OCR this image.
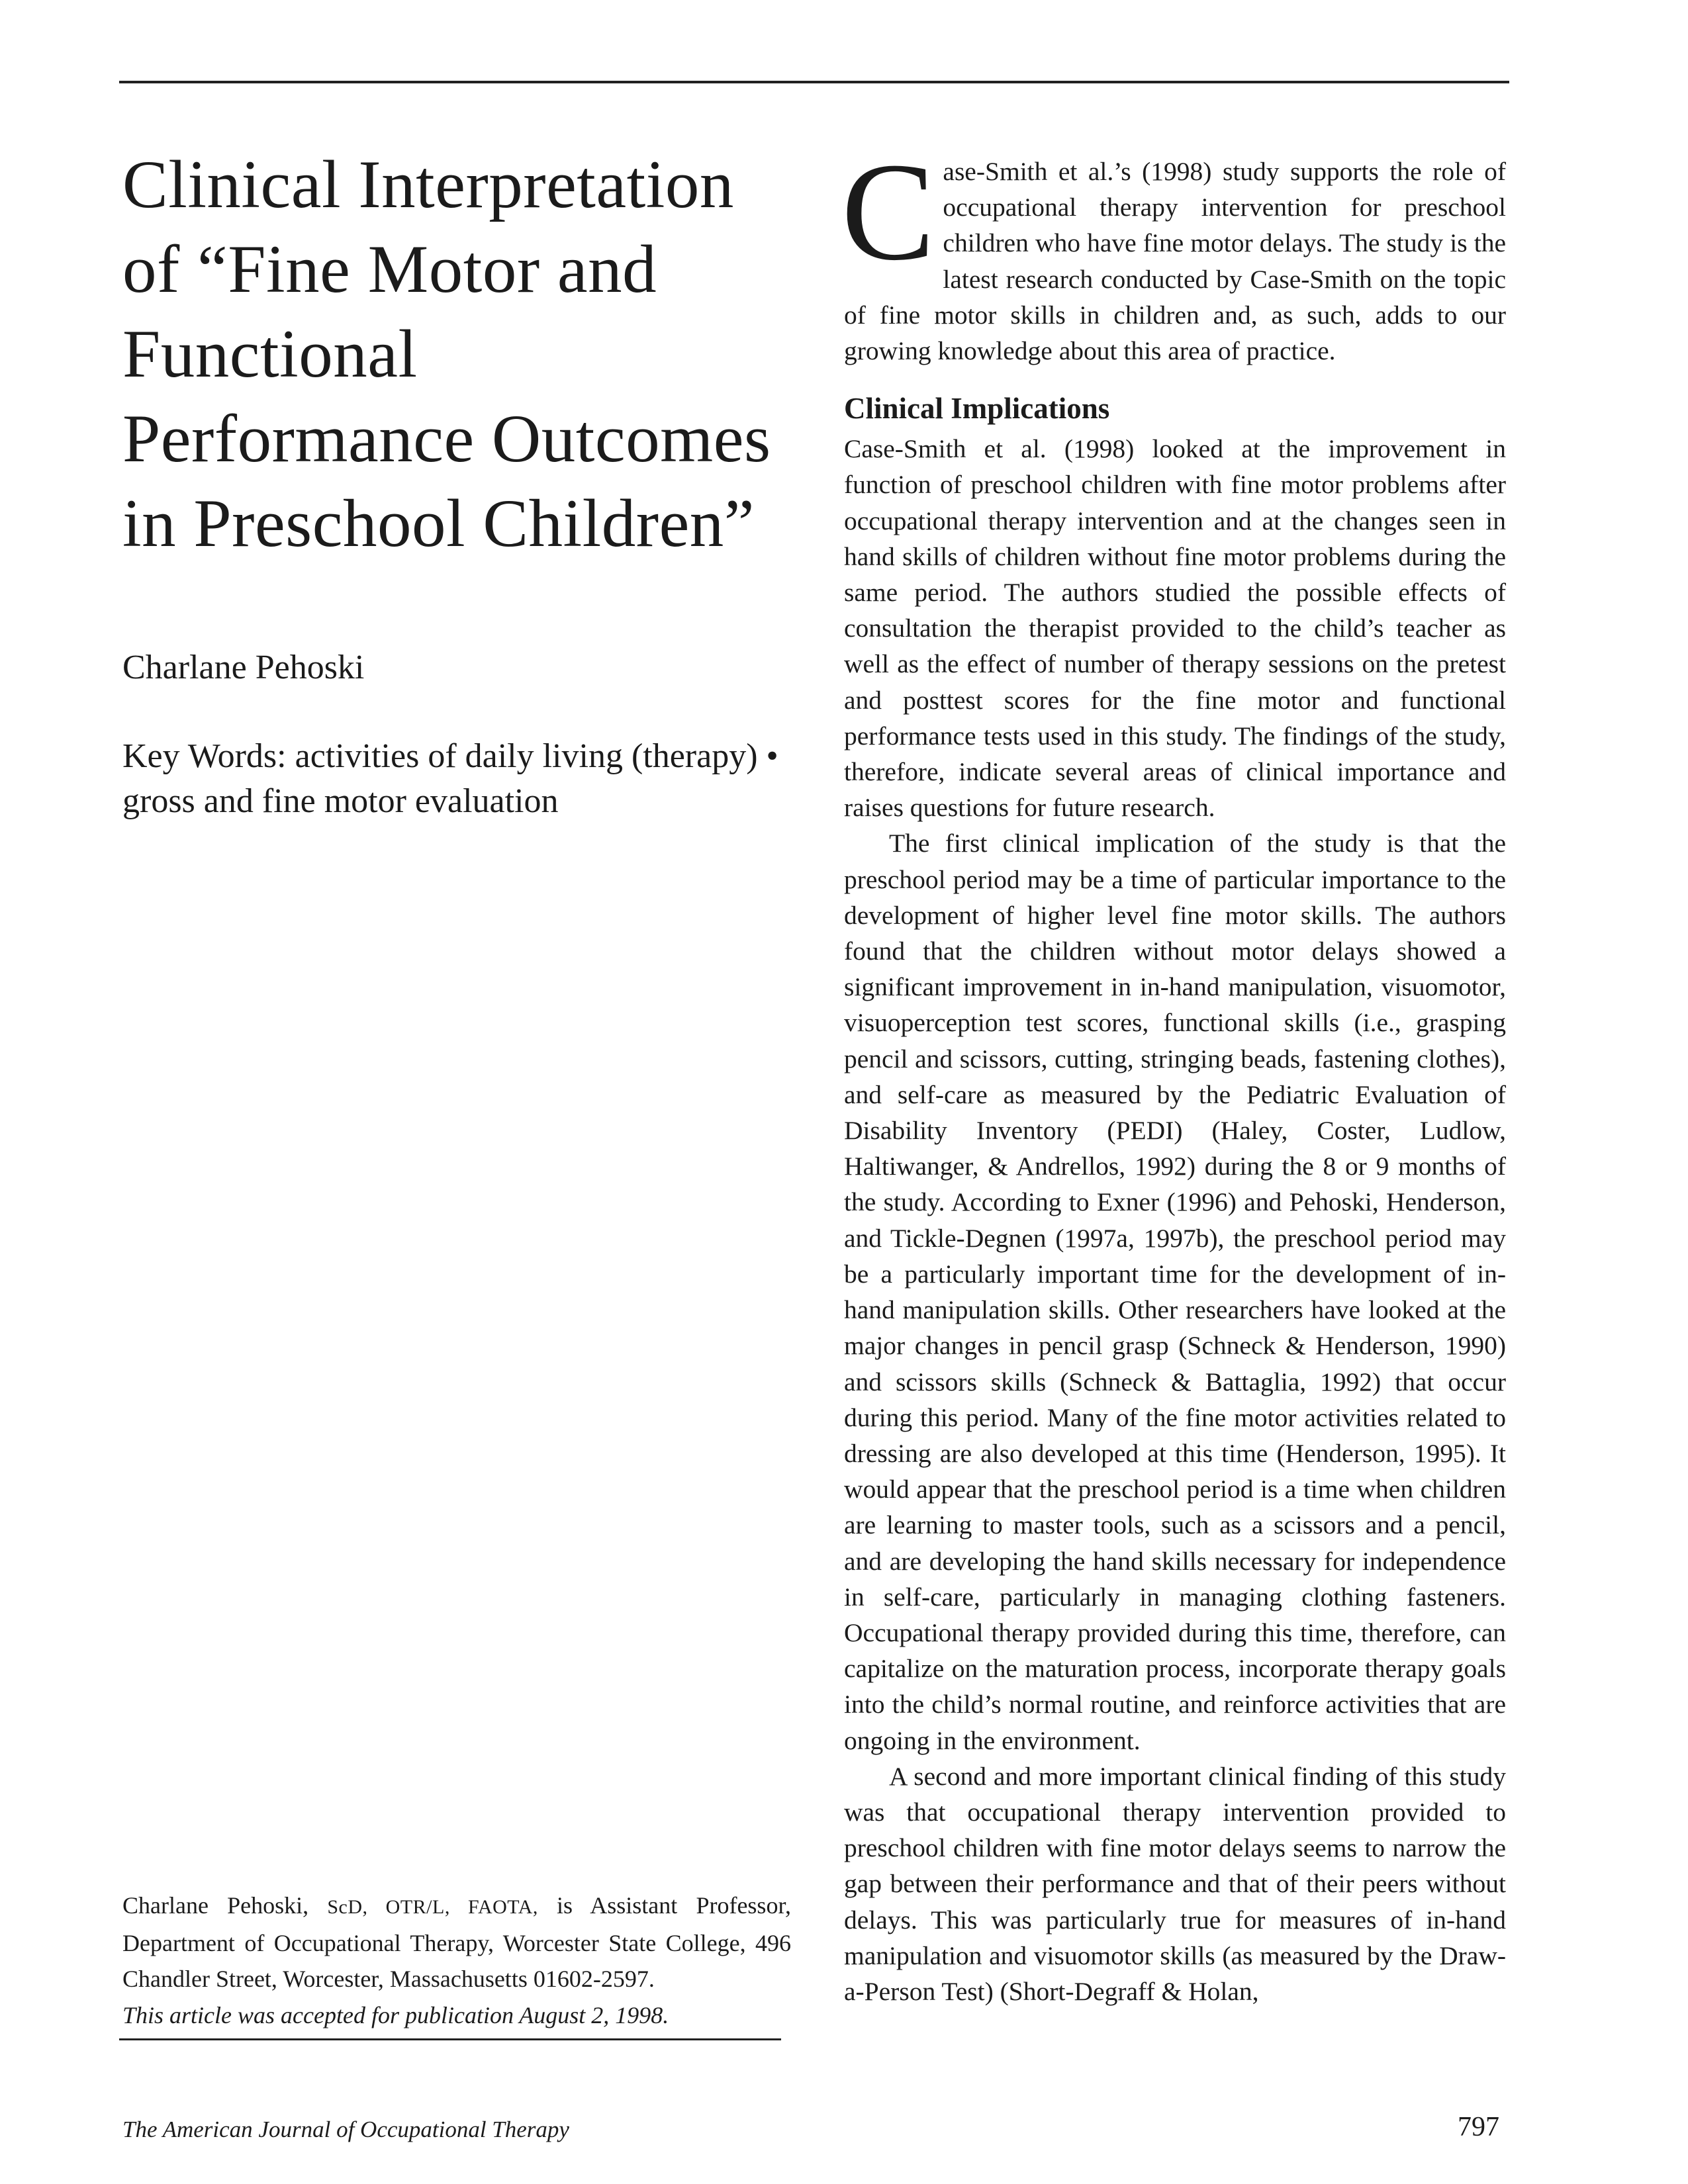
Clinical Interpretation of “Fine Motor and Functional Performance Outcomes in Preschool Children”
Charlane Pehoski
Key Words: activities of daily living (therapy) • gross and fine motor evaluation
Charlane Pehoski, ScD, OTR/L, FAOTA, is Assistant Professor, Department of Occupational Therapy, Worcester State College, 496 Chandler Street, Worcester, Massachusetts 01602-2597.
This article was accepted for publication August 2, 1998.

Case-Smith et al.’s (1998) study supports the role of occupational therapy intervention for preschool children who have fine motor delays. The study is the latest research conducted by Case-Smith on the topic of fine motor skills in children and, as such, adds to our growing knowledge about this area of practice.

Clinical Implications

Case-Smith et al. (1998) looked at the improvement in function of preschool children with fine motor problems after occupational therapy intervention and at the changes seen in hand skills of children without fine motor problems during the same period. The authors studied the possible effects of consultation the therapist provided to the child’s teacher as well as the effect of number of therapy sessions on the pretest and posttest scores for the fine motor and functional performance tests used in this study. The findings of the study, therefore, indicate several areas of clinical importance and raises questions for future research.

The first clinical implication of the study is that the preschool period may be a time of particular importance to the development of higher level fine motor skills. The authors found that the children without motor delays showed a significant improvement in in-hand manipulation, visuomotor, visuoperception test scores, functional skills (i.e., grasping pencil and scissors, cutting, stringing beads, fastening clothes), and self-care as measured by the Pediatric Evaluation of Disability Inventory (PEDI) (Haley, Coster, Ludlow, Haltiwanger, & Andrellos, 1992) during the 8 or 9 months of the study. According to Exner (1996) and Pehoski, Henderson, and Tickle-Degnen (1997a, 1997b), the preschool period may be a particularly important time for the development of in-hand manipulation skills. Other researchers have looked at the major changes in pencil grasp (Schneck & Henderson, 1990) and scissors skills (Schneck & Battaglia, 1992) that occur during this period. Many of the fine motor activities related to dressing are also developed at this time (Henderson, 1995). It would appear that the preschool period is a time when children are learning to master tools, such as a scissors and a pencil, and are developing the hand skills necessary for independence in self-care, particularly in managing clothing fasteners. Occupational therapy provided during this time, therefore, can capitalize on the maturation process, incorporate therapy goals into the child’s normal routine, and reinforce activities that are ongoing in the environment.

A second and more important clinical finding of this study was that occupational therapy intervention provided to preschool children with fine motor delays seems to narrow the gap between their performance and that of their peers without delays. This was particularly true for measures of in-hand manipulation and visuomotor skills (as measured by the Draw-a-Person Test) (Short-Degraff & Holan,

The American Journal of Occupational Therapy	797
